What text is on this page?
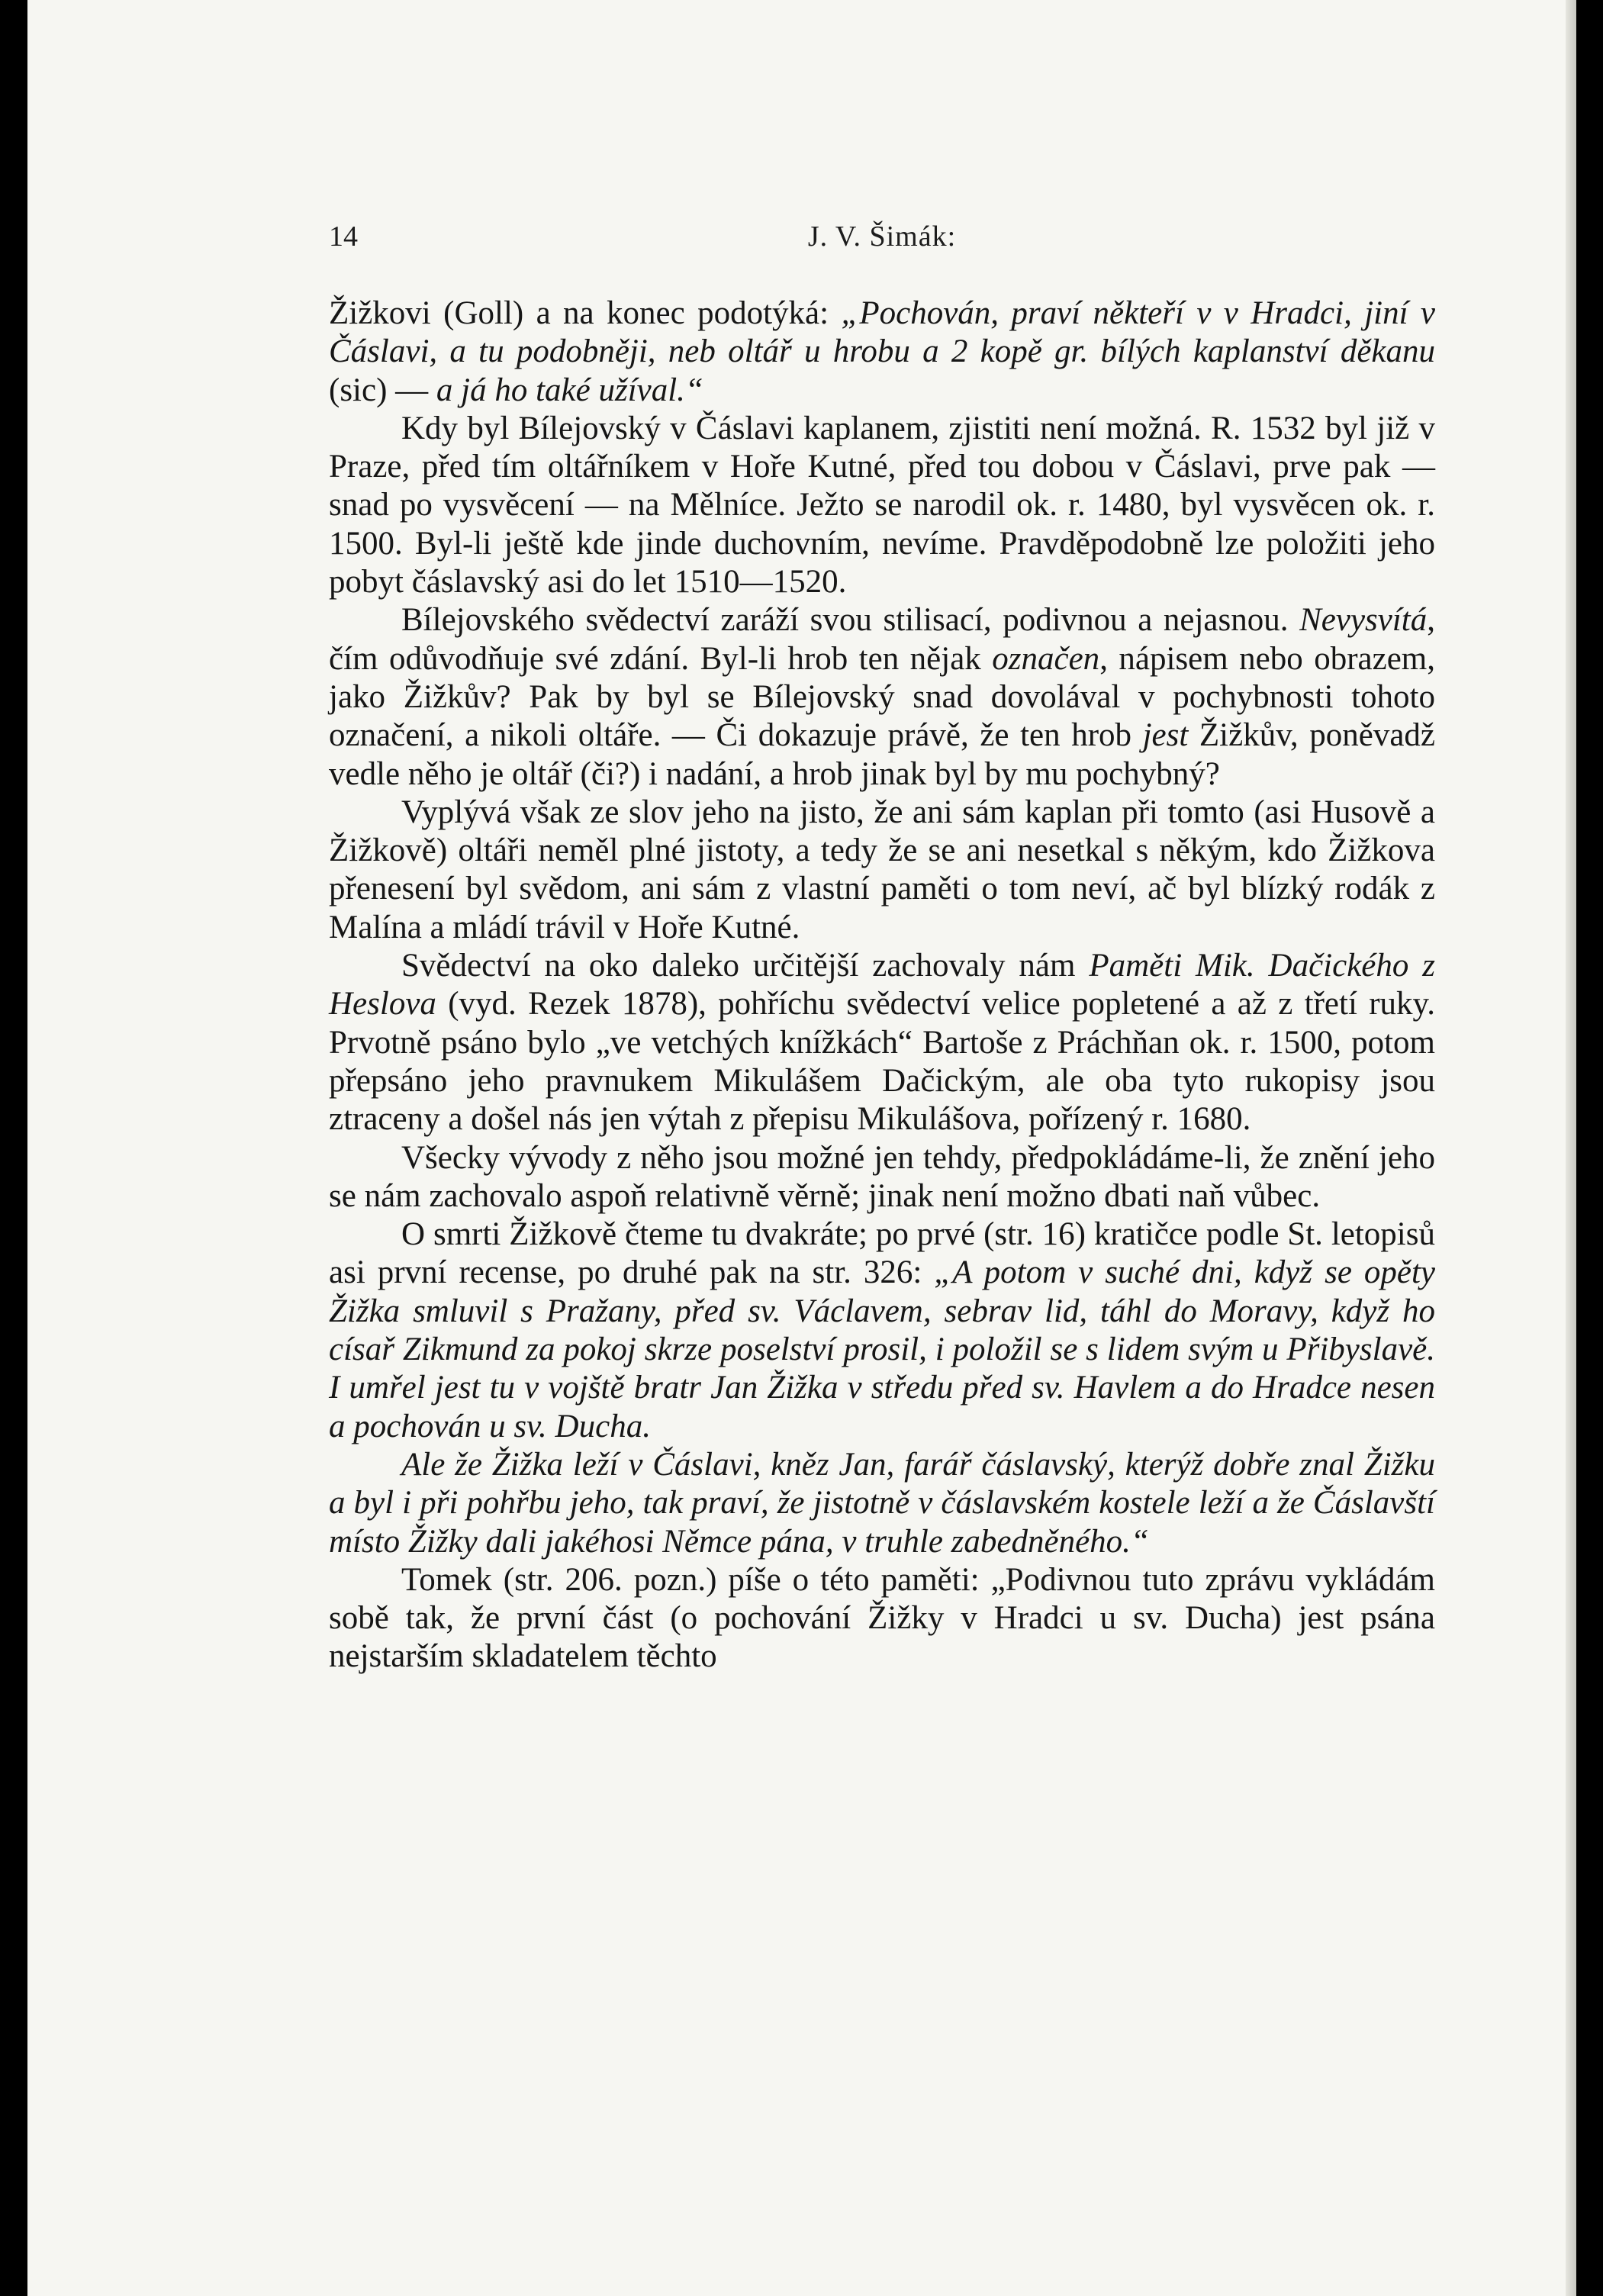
14	J. V. Šimák:

Žižkovi (Goll) a na konec podotýká: „Pochován, praví někteří v v Hradci, jiní v Čáslavi, a tu podobněji, neb oltář u hrobu a 2 kopě gr. bílých kaplanství děkanu (sic) — a já ho také užíval.“

Kdy byl Bílejovský v Čáslavi kaplanem, zjistiti není možná. R. 1532 byl již v Praze, před tím oltářníkem v Hoře Kutné, před tou dobou v Čáslavi, prve pak — snad po vysvěcení — na Mělníce. Ježto se narodil ok. r. 1480, byl vysvěcen ok. r. 1500. Byl-li ještě kde jinde duchovním, nevíme. Pravděpodobně lze položiti jeho pobyt čáslavský asi do let 1510—1520.

Bílejovského svědectví zaráží svou stilisací, podivnou a nejasnou. Nevysvítá, čím odůvodňuje své zdání. Byl-li hrob ten nějak označen, nápisem nebo obrazem, jako Žižkův? Pak by byl se Bílejovský snad dovolával v pochybnosti tohoto označení, a nikoli oltáře. — Či dokazuje právě, že ten hrob jest Žižkův, poněvadž vedle něho je oltář (či?) i nadání, a hrob jinak byl by mu pochybný?

Vyplývá však ze slov jeho na jisto, že ani sám kaplan při tomto (asi Husově a Žižkově) oltáři neměl plné jistoty, a tedy že se ani nesetkal s někým, kdo Žižkova přenesení byl svědom, ani sám z vlastní paměti o tom neví, ač byl blízký rodák z Malína a mládí trávil v Hoře Kutné.

Svědectví na oko daleko určitější zachovaly nám Paměti Mik. Dačického z Heslova (vyd. Rezek 1878), pohříchu svědectví velice popletené a až z třetí ruky. Prvotně psáno bylo „ve vetchých knížkách“ Bartoše z Práchňan ok. r. 1500, potom přepsáno jeho pravnukem Mikulášem Dačickým, ale oba tyto rukopisy jsou ztraceny a došel nás jen výtah z přepisu Mikulášova, pořízený r. 1680.

Všecky vývody z něho jsou možné jen tehdy, předpokládáme-li, že znění jeho se nám zachovalo aspoň relativně věrně; jinak není možno dbati naň vůbec.

O smrti Žižkově čteme tu dvakráte; po prvé (str. 16) kratičce podle St. letopisů asi první recense, po druhé pak na str. 326: „A potom v suché dni, když se opěty Žižka smluvil s Pražany, před sv. Václavem, sebrav lid, táhl do Moravy, když ho císař Zikmund za pokoj skrze poselství prosil, i položil se s lidem svým u Přibyslavě. I umřel jest tu v vojště bratr Jan Žižka v středu před sv. Havlem a do Hradce nesen a pochován u sv. Ducha.

Ale že Žižka leží v Čáslavi, kněz Jan, farář čáslavský, kterýž dobře znal Žižku a byl i při pohřbu jeho, tak praví, že jistotně v čáslavském kostele leží a že Čáslavští místo Žižky dali jakéhosi Němce pána, v truhle zabedněného.“

Tomek (str. 206. pozn.) píše o této paměti: „Podivnou tuto zprávu vykládám sobě tak, že první část (o pochování Žižky v Hradci u sv. Ducha) jest psána nejstarším skladatelem těchto
